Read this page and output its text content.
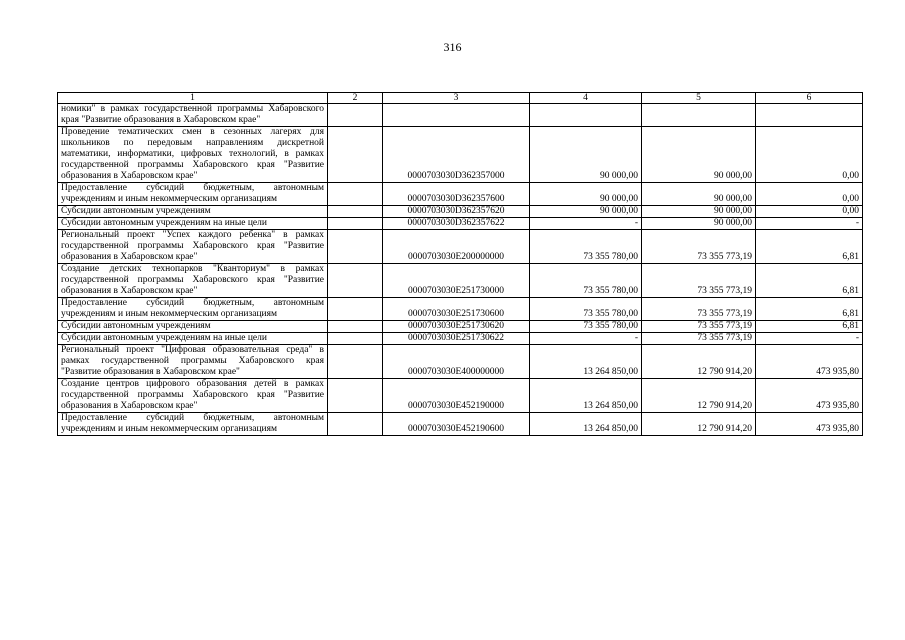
316
1	2	3	4	5	6
номики" в рамках государственной программы Хабаровского края "Развитие образования в Хабаровском крае"					
Проведение тематических смен в сезонных лагерях для школьников по передовым направлениям дискретной математики, информатики, цифровых технологий, в рамках государственной программы Хабаровского края "Развитие образования в Хабаровском крае"		0000703030D362357000	90 000,00	90 000,00	0,00
Предоставление субсидий бюджетным, автономным учреждениям и иным некоммерческим организациям		0000703030D362357600	90 000,00	90 000,00	0,00
Субсидии автономным учреждениям		0000703030D362357620	90 000,00	90 000,00	0,00
Субсидии автономным учреждениям на иные цели		0000703030D362357622	-	90 000,00	-
Региональный проект "Успех каждого ребенка" в рамках государственной программы Хабаровского края "Развитие образования в Хабаровском крае"		0000703030E200000000	73 355 780,00	73 355 773,19	6,81
Создание детских технопарков "Кванториум" в рамках государственной программы Хабаровского края "Развитие образования в Хабаровском крае"		0000703030E251730000	73 355 780,00	73 355 773,19	6,81
Предоставление субсидий бюджетным, автономным учреждениям и иным некоммерческим организациям		0000703030E251730600	73 355 780,00	73 355 773,19	6,81
Субсидии автономным учреждениям		0000703030E251730620	73 355 780,00	73 355 773,19	6,81
Субсидии автономным учреждениям на иные цели		0000703030E251730622	-	73 355 773,19	-
Региональный проект "Цифровая образовательная среда" в рамках государственной программы Хабаровского края "Развитие образования в Хабаровском крае"		0000703030E400000000	13 264 850,00	12 790 914,20	473 935,80
Создание центров цифрового образования детей в рамках государственной программы Хабаровского края "Развитие образования в Хабаровском крае"		0000703030E452190000	13 264 850,00	12 790 914,20	473 935,80
Предоставление субсидий бюджетным, автономным учреждениям и иным некоммерческим организациям		0000703030E452190600	13 264 850,00	12 790 914,20	473 935,80
